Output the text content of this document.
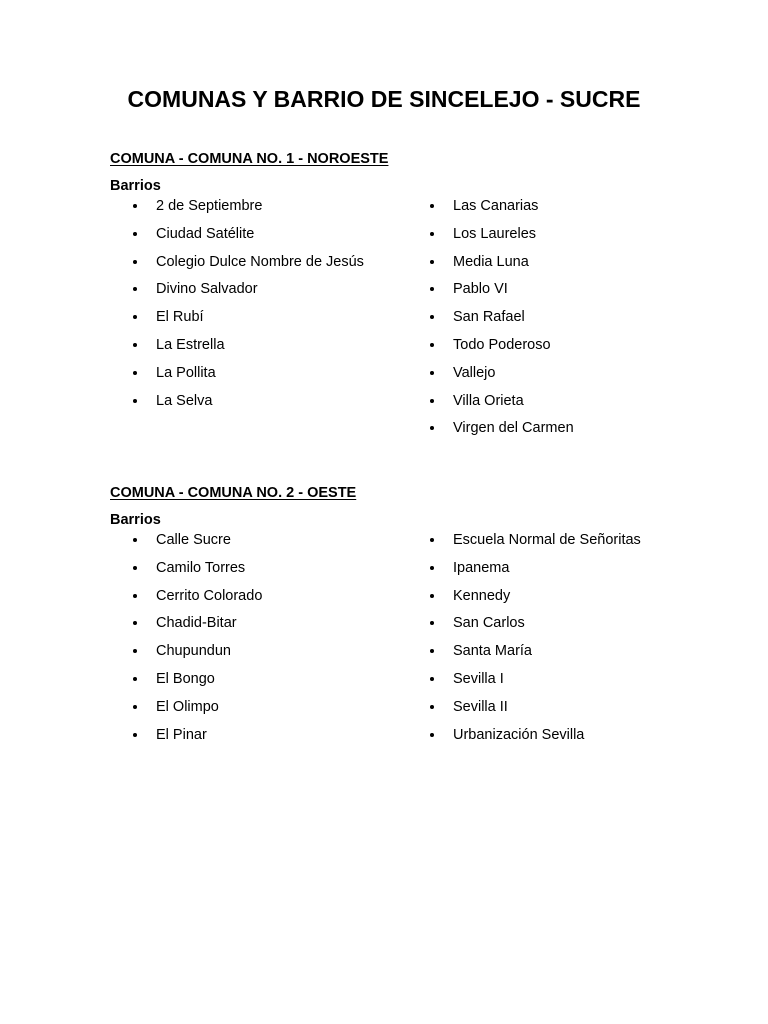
COMUNAS Y BARRIO DE SINCELEJO - SUCRE
COMUNA - COMUNA NO. 1 - NOROESTE
Barrios
2 de Septiembre
Ciudad Satélite
Colegio Dulce Nombre de Jesús
Divino Salvador
El Rubí
La Estrella
La Pollita
La Selva
Las Canarias
Los Laureles
Media Luna
Pablo VI
San Rafael
Todo Poderoso
Vallejo
Villa Orieta
Virgen del Carmen
COMUNA - COMUNA NO. 2 - OESTE
Barrios
Calle Sucre
Camilo Torres
Cerrito Colorado
Chadid-Bitar
Chupundun
El Bongo
El Olimpo
El Pinar
Escuela Normal de Señoritas
Ipanema
Kennedy
San Carlos
Santa María
Sevilla I
Sevilla II
Urbanización Sevilla
